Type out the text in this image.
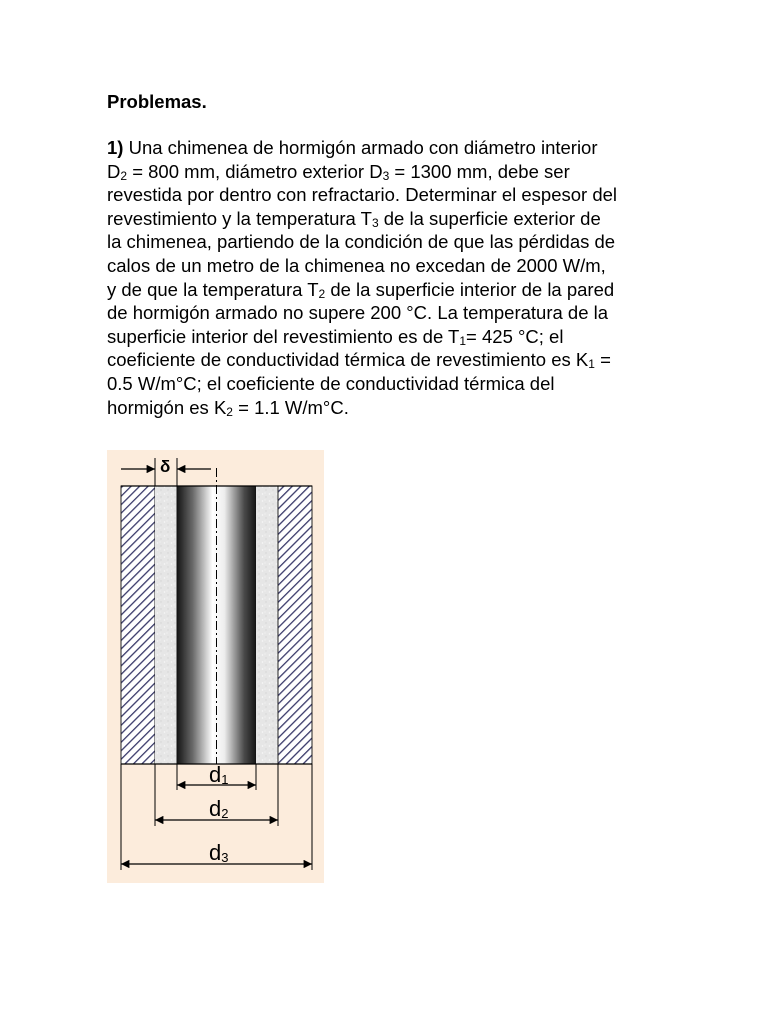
Problemas.

1) Una chimenea de hormigón armado con diámetro interior
$D_2 = 800$ mm, diámetro exterior $D_3 = 1300$ mm, debe ser
revestida por dentro con refractario. Determinar el espesor del
revestimiento y la temperatura $T_3$ de la superficie exterior de
la chimenea, partiendo de la condición de que las pérdidas de
calos de un metro de la chimenea no excedan de 2000 W/m,
y de que la temperatura $T_2$ de la superficie interior de la pared
de hormigón armado no supere 200 °C. La temperatura de la
superficie interior del revestimiento es de $T_1= 425$ °C; el
coeficiente de conductividad térmica de revestimiento es $K_1$ =
0.5 W/m°C; el coeficiente de conductividad térmica del
hormigón es $K_2 = 1.1$ W/m°C.

δ
d1
d2
d3
